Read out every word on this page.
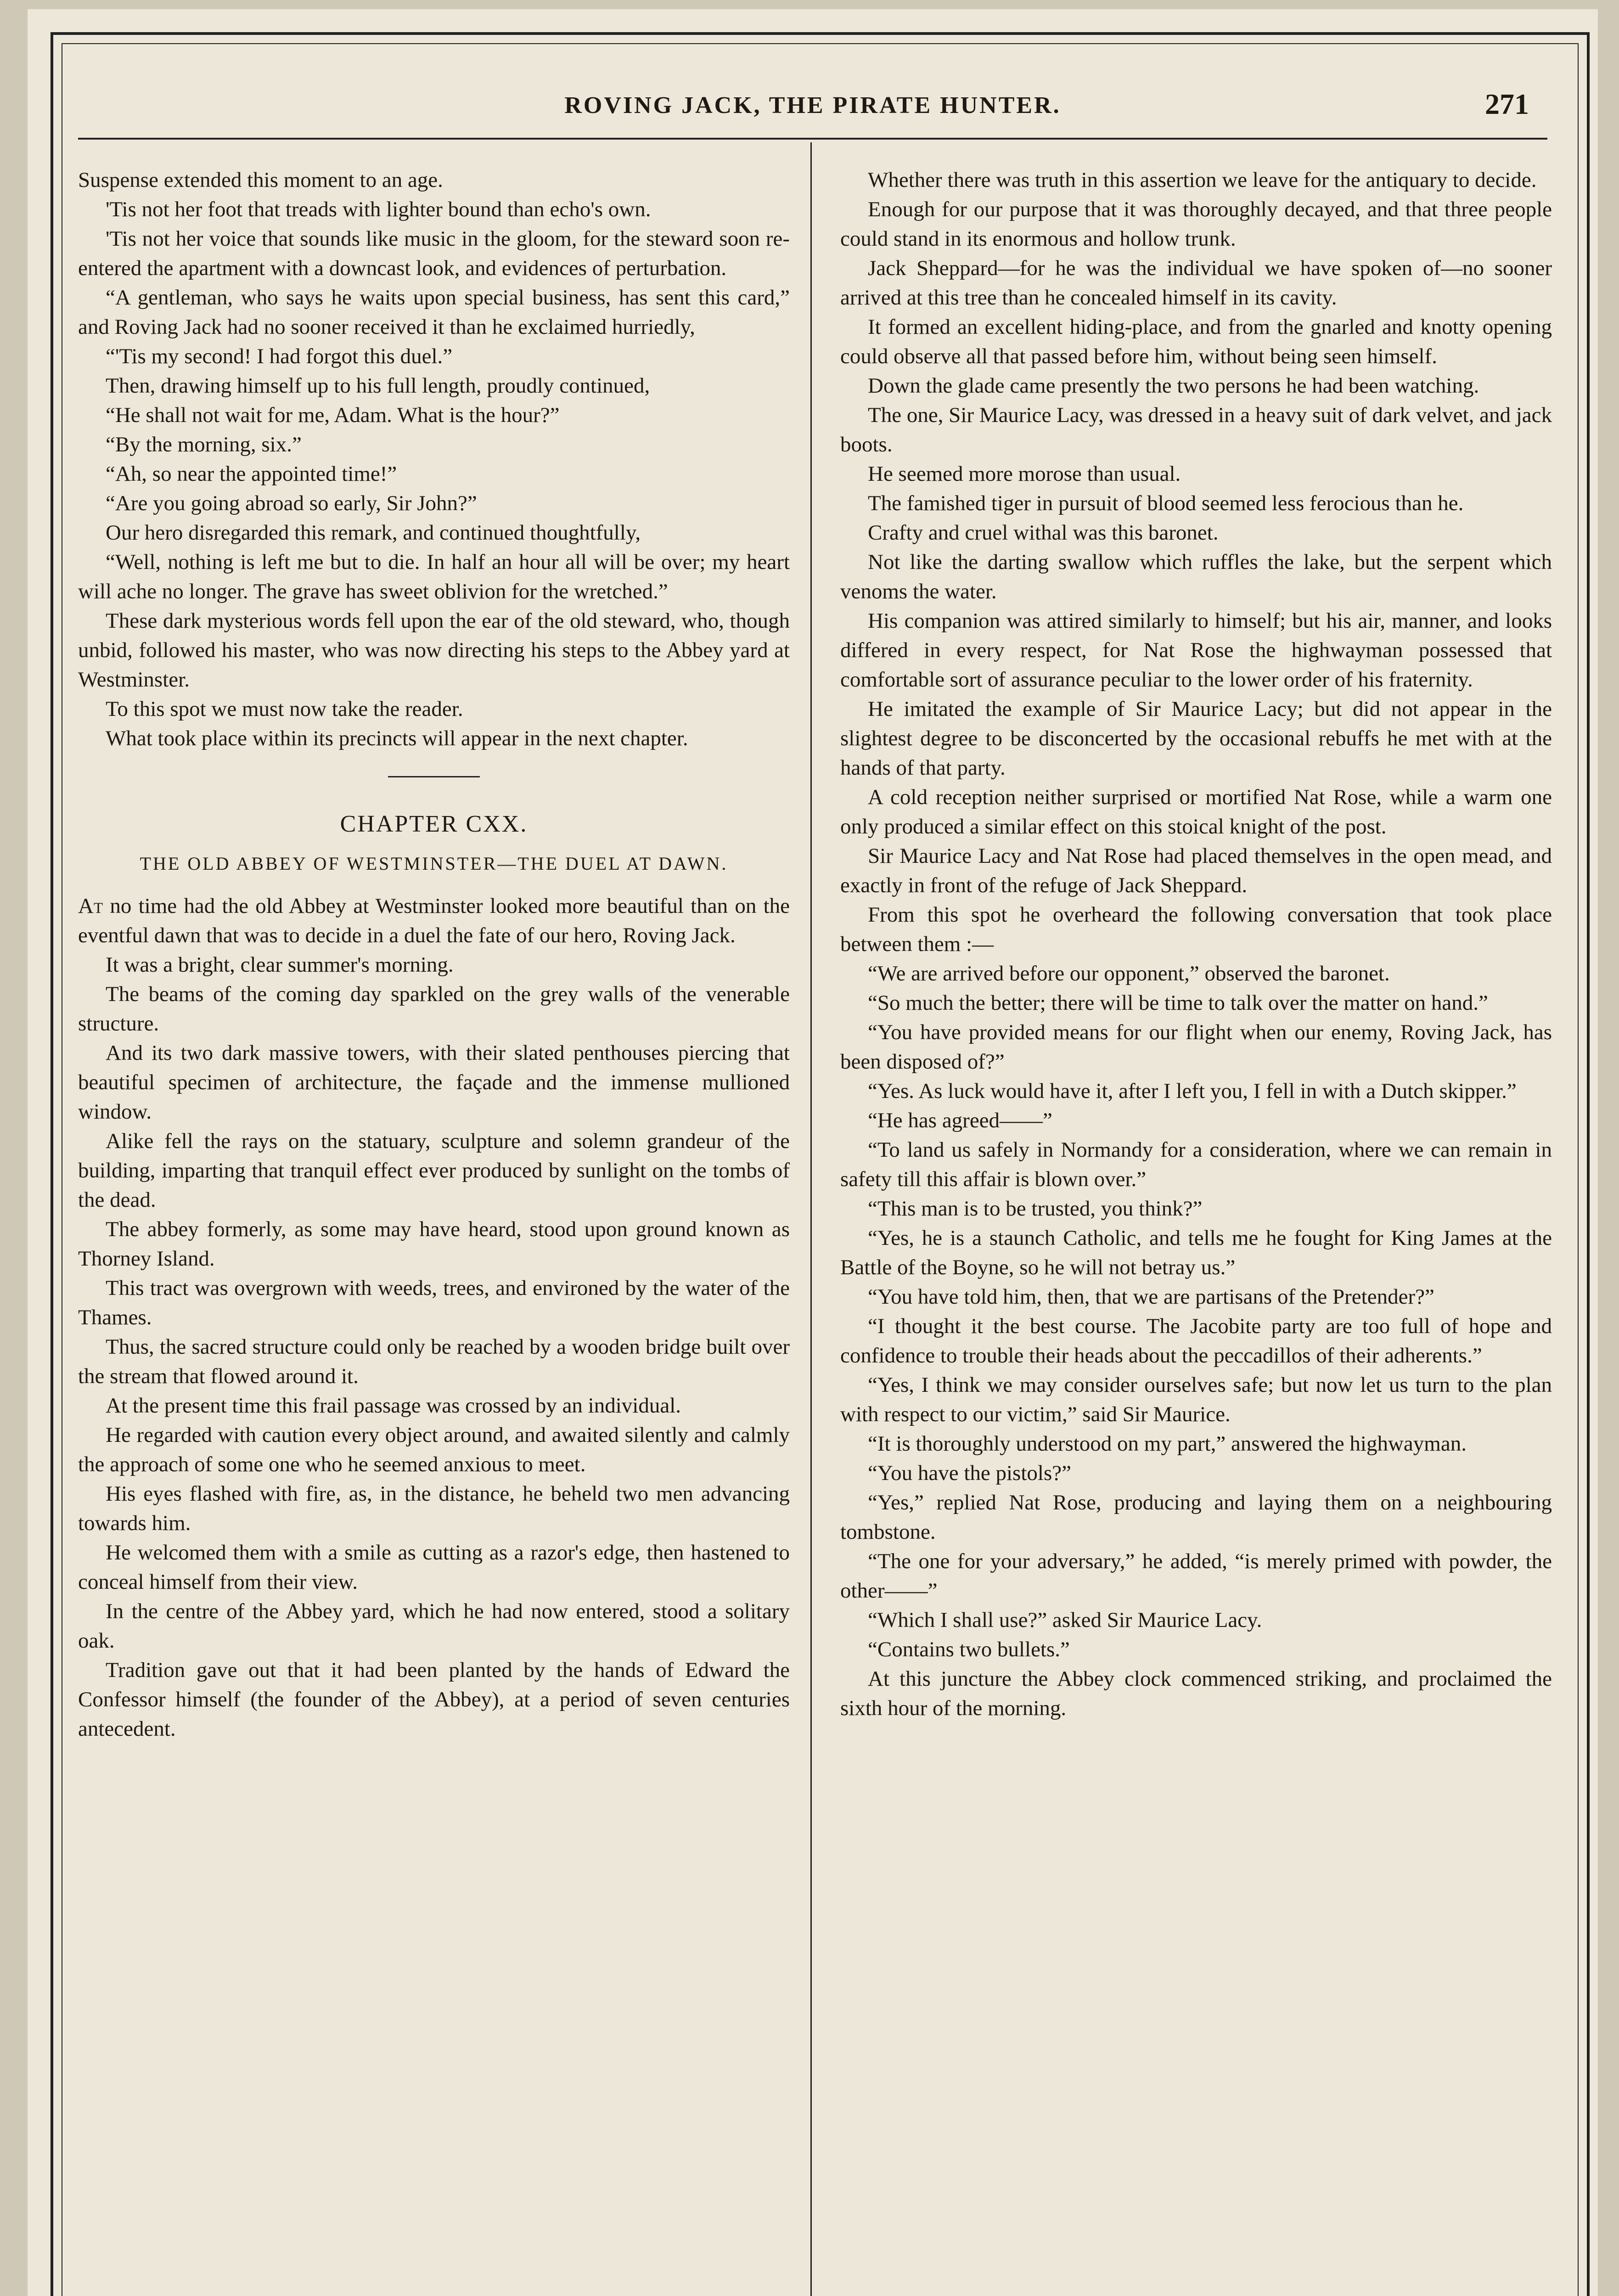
ROVING JACK, THE PIRATE HUNTER.	271

Suspense extended this moment to an age.

'Tis not her foot that treads with lighter bound than echo's own.

'Tis not her voice that sounds like music in the gloom, for the steward soon re-entered the apartment with a downcast look, and evidences of perturbation.

“A gentleman, who says he waits upon special business, has sent this card,” and Roving Jack had no sooner received it than he exclaimed hurriedly,

“'Tis my second! I had forgot this duel.”

Then, drawing himself up to his full length, proudly continued,

“He shall not wait for me, Adam. What is the hour?”

“By the morning, six.”

“Ah, so near the appointed time!”

“Are you going abroad so early, Sir John?”

Our hero disregarded this remark, and continued thoughtfully,

“Well, nothing is left me but to die. In half an hour all will be over; my heart will ache no longer. The grave has sweet oblivion for the wretched.”

These dark mysterious words fell upon the ear of the old steward, who, though unbid, followed his master, who was now directing his steps to the Abbey yard at Westminster.

To this spot we must now take the reader.

What took place within its precincts will appear in the next chapter.

CHAPTER CXX.
THE OLD ABBEY OF WESTMINSTER—THE DUEL AT DAWN.

At no time had the old Abbey at Westminster looked more beautiful than on the eventful dawn that was to decide in a duel the fate of our hero, Roving Jack.

It was a bright, clear summer's morning.

The beams of the coming day sparkled on the grey walls of the venerable structure.

And its two dark massive towers, with their slated penthouses piercing that beautiful specimen of architecture, the façade and the immense mullioned window.

Alike fell the rays on the statuary, sculpture and solemn grandeur of the building, imparting that tranquil effect ever produced by sunlight on the tombs of the dead.

The abbey formerly, as some may have heard, stood upon ground known as Thorney Island.

This tract was overgrown with weeds, trees, and environed by the water of the Thames.

Thus, the sacred structure could only be reached by a wooden bridge built over the stream that flowed around it.

At the present time this frail passage was crossed by an individual.

He regarded with caution every object around, and awaited silently and calmly the approach of some one who he seemed anxious to meet.

His eyes flashed with fire, as, in the distance, he beheld two men advancing towards him.

He welcomed them with a smile as cutting as a razor's edge, then hastened to conceal himself from their view.

In the centre of the Abbey yard, which he had now entered, stood a solitary oak.

Tradition gave out that it had been planted by the hands of Edward the Confessor himself (the founder of the Abbey), at a period of seven centuries antecedent.

Whether there was truth in this assertion we leave for the antiquary to decide.

Enough for our purpose that it was thoroughly decayed, and that three people could stand in its enormous and hollow trunk.

Jack Sheppard—for he was the individual we have spoken of—no sooner arrived at this tree than he concealed himself in its cavity.

It formed an excellent hiding-place, and from the gnarled and knotty opening could observe all that passed before him, without being seen himself.

Down the glade came presently the two persons he had been watching.

The one, Sir Maurice Lacy, was dressed in a heavy suit of dark velvet, and jack boots.

He seemed more morose than usual.

The famished tiger in pursuit of blood seemed less ferocious than he.

Crafty and cruel withal was this baronet.

Not like the darting swallow which ruffles the lake, but the serpent which venoms the water.

His companion was attired similarly to himself; but his air, manner, and looks differed in every respect, for Nat Rose the highwayman possessed that comfortable sort of assurance peculiar to the lower order of his fraternity.

He imitated the example of Sir Maurice Lacy; but did not appear in the slightest degree to be disconcerted by the occasional rebuffs he met with at the hands of that party.

A cold reception neither surprised or mortified Nat Rose, while a warm one only produced a similar effect on this stoical knight of the post.

Sir Maurice Lacy and Nat Rose had placed themselves in the open mead, and exactly in front of the refuge of Jack Sheppard.

From this spot he overheard the following conversation that took place between them :—

“We are arrived before our opponent,” observed the baronet.

“So much the better; there will be time to talk over the matter on hand.”

“You have provided means for our flight when our enemy, Roving Jack, has been disposed of?”

“Yes. As luck would have it, after I left you, I fell in with a Dutch skipper.”

“He has agreed——”

“To land us safely in Normandy for a consideration, where we can remain in safety till this affair is blown over.”

“This man is to be trusted, you think?”

“Yes, he is a staunch Catholic, and tells me he fought for King James at the Battle of the Boyne, so he will not betray us.”

“You have told him, then, that we are partisans of the Pretender?”

“I thought it the best course. The Jacobite party are too full of hope and confidence to trouble their heads about the peccadillos of their adherents.”

“Yes, I think we may consider ourselves safe; but now let us turn to the plan with respect to our victim,” said Sir Maurice.

“It is thoroughly understood on my part,” answered the highwayman.

“You have the pistols?”

“Yes,” replied Nat Rose, producing and laying them on a neighbouring tombstone.

“The one for your adversary,” he added, “is merely primed with powder, the other——”

“Which I shall use?” asked Sir Maurice Lacy.

“Contains two bullets.”

At this juncture the Abbey clock commenced striking, and proclaimed the sixth hour of the morning.
